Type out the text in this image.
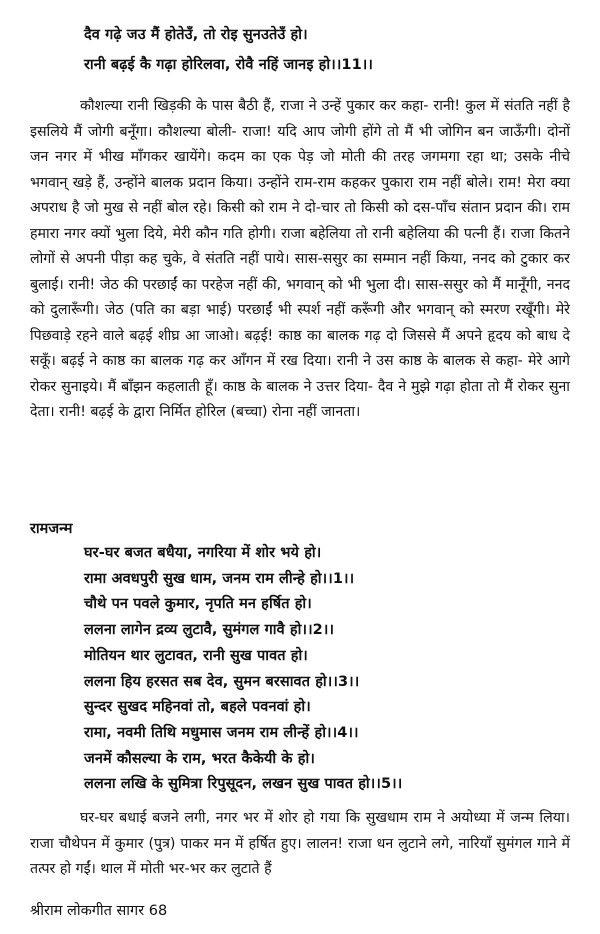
दैव गढ़े जउ मैं होतेउँ, तो रोइ सुनउतेउँ हो।

रानी बढ़ई कै गढ़ा होरिलवा, रोवै नहिं जानइ हो।।11।।

कौशल्या रानी खिड़की के पास बैठी हैं, राजा ने उन्हें पुकार कर कहा- रानी! कुल में संतति नहीं है इसलिये मैं जोगी बनूँगा। कौशल्या बोली- राजा! यदि आप जोगी होंगे तो मैं भी जोगिन बन जाऊँगी। दोनों जन नगर में भीख माँगकर खायेंगे। कदम का एक पेड़ जो मोती की तरह जगमगा रहा था; उसके नीचे भगवान् खड़े हैं, उन्होंने बालक प्रदान किया। उन्होंने राम-राम कहकर पुकारा राम नहीं बोले। राम! मेरा क्या अपराध है जो मुख से नहीं बोल रहे। किसी को राम ने दो-चार तो किसी को दस-पाँच संतान प्रदान की। राम हमारा नगर क्यों भुला दिये, मेरी कौन गति होगी। राजा बहेलिया तो रानी बहेलिया की पत्नी हैं। राजा कितने लोगों से अपनी पीड़ा कह चुके, वे संतति नहीं पाये। सास-ससुर का सम्मान नहीं किया, ननद को टुकार कर बुलाई। रानी! जेठ की परछाईं का परहेज नहीं की, भगवान् को भी भुला दी। सास-ससुर को मैं मानूँगी, ननद को दुलारूँगी। जेठ (पति का बड़ा भाई) परछाईं भी स्पर्श नहीं करूँगी और भगवान् को स्मरण रखूँगी। मेरे पिछवाड़े रहने वाले बढ़ई शीघ्र आ जाओ। बढ़ई! काष्ठ का बालक गढ़ दो जिससे मैं अपने हृदय को बाध दे सकूँ। बढ़ई ने काष्ठ का बालक गढ़ कर आँगन में रख दिया। रानी ने उस काष्ठ के बालक से कहा- मेरे आगे रोकर सुनाइये। मैं बाँझन कहलाती हूँ। काष्ठ के बालक ने उत्तर दिया- दैव ने मुझे गढ़ा होता तो मैं रोकर सुना देता। रानी! बढ़ई के द्वारा निर्मित होरिल (बच्चा) रोना नहीं जानता।

रामजन्म

घर-घर बजत बधैया, नगरिया में शोर भये हो।

रामा अवधपुरी सुख धाम, जनम राम लीन्हे हो।।1।।

चौथे पन पवले कुमार, नृपति मन हर्षित हो।

ललना लागेन द्रव्य लुटावै, सुमंगल गावै हो।।2।।

मोतियन थार लुटावत, रानी सुख पावत हो।

ललना हिय हरसत सब देव, सुमन बरसावत हो।।3।।

सुन्दर सुखद महिनवां तो, बहले पवनवां हो।

रामा, नवमी तिथि मधुमास जनम राम लीन्हें हो।।4।।

जनमें कौसल्या के राम, भरत कैकेयी के हो।

ललना लखि के सुमित्रा रिपुसूदन, लखन सुख पावत हो।।5।।

घर-घर बधाई बजने लगी, नगर भर में शोर हो गया कि सुखधाम राम ने अयोध्या में जन्म लिया। राजा चौथेपन में कुमार (पुत्र) पाकर मन में हर्षित हुए। लालन! राजा धन लुटाने लगे, नारियाँ सुमंगल गाने में तत्पर हो गईं। थाल में मोती भर-भर कर लुटाते हैं

श्रीराम लोकगीत सागर 68
